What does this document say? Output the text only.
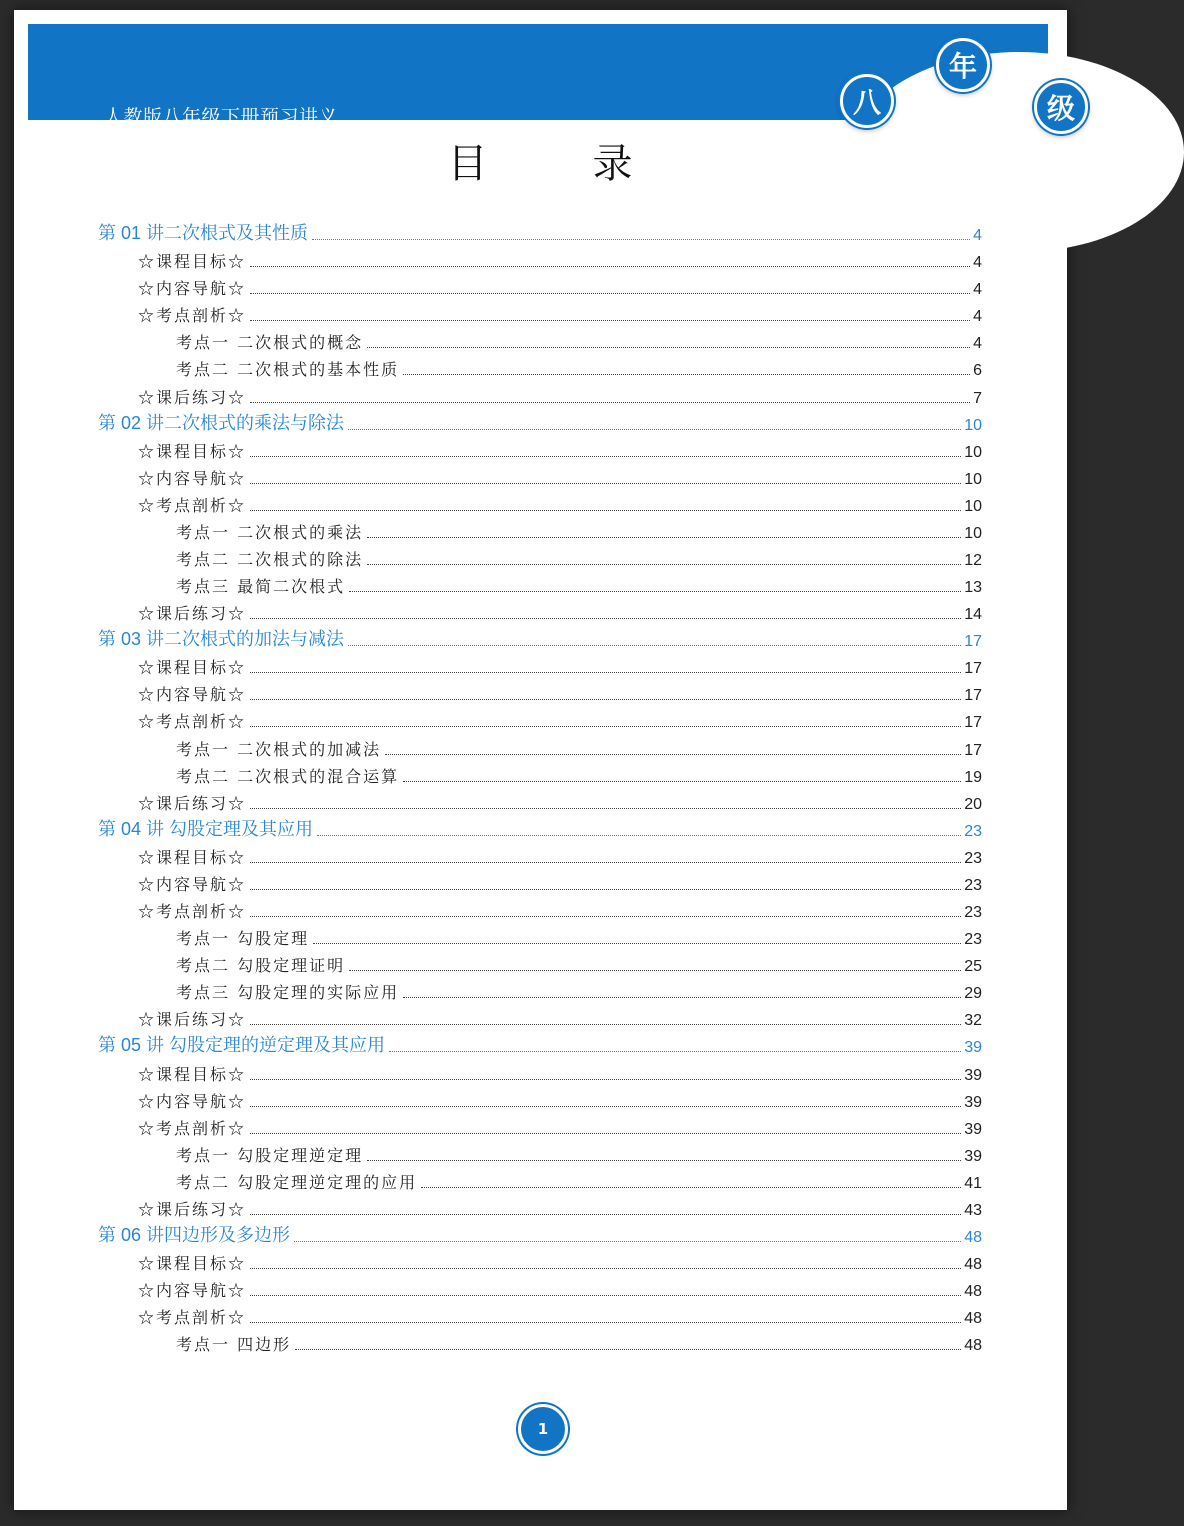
人教版八年级下册预习讲义	八
年
级
目	录
第 01 讲二次根式及其性质	4
☆课程目标☆	4
☆内容导航☆	4
☆考点剖析☆	4
考点一 二次根式的概念	4
考点二 二次根式的基本性质	6
☆课后练习☆	7
第 02 讲二次根式的乘法与除法	10
☆课程目标☆	10
☆内容导航☆	10
☆考点剖析☆	10
考点一 二次根式的乘法	10
考点二 二次根式的除法	12
考点三 最简二次根式	13
☆课后练习☆	14
第 03 讲二次根式的加法与减法	17
☆课程目标☆	17
☆内容导航☆	17
☆考点剖析☆	17
考点一 二次根式的加减法	17
考点二 二次根式的混合运算	19
☆课后练习☆	20
第 04 讲 勾股定理及其应用	23
☆课程目标☆	23
☆内容导航☆	23
☆考点剖析☆	23
考点一 勾股定理	23
考点二 勾股定理证明	25
考点三 勾股定理的实际应用	29
☆课后练习☆	32
第 05 讲 勾股定理的逆定理及其应用	39
☆课程目标☆	39
☆内容导航☆	39
☆考点剖析☆	39
考点一 勾股定理逆定理	39
考点二 勾股定理逆定理的应用	41
☆课后练习☆	43
第 06 讲四边形及多边形	48
☆课程目标☆	48
☆内容导航☆	48
☆考点剖析☆	48
考点一 四边形	48
1
